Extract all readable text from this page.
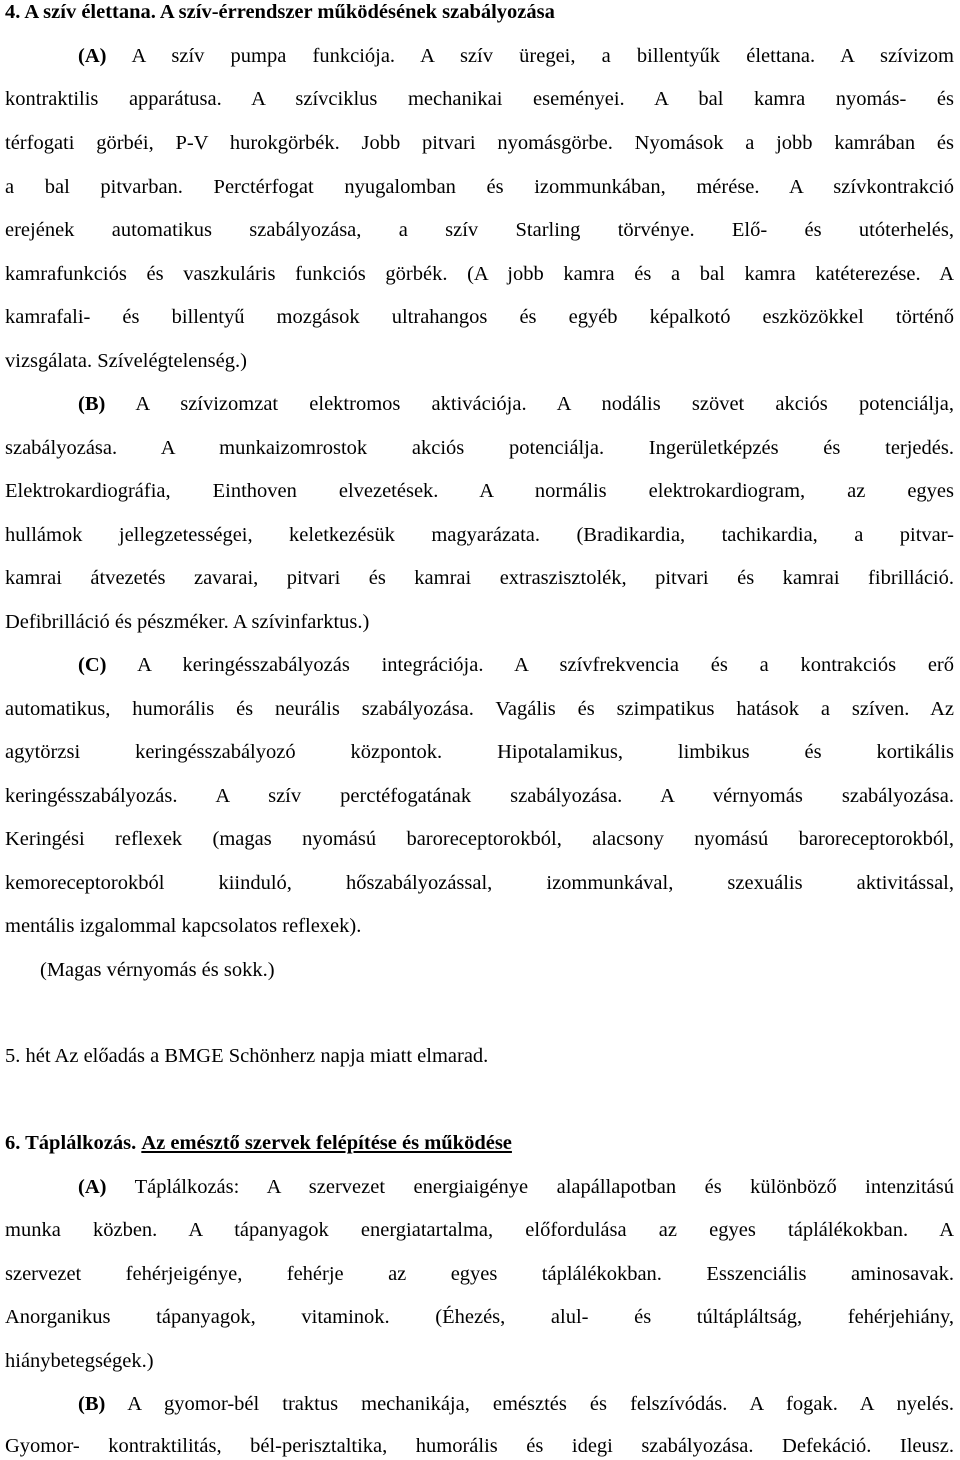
4. A szív élettana. A szív-érrendszer működésének szabályozása
(A) A szív pumpa funkciója. A szív üregei, a billentyűk élettana. A szívizom
kontraktilis apparátusa. A szívciklus mechanikai eseményei. A bal kamra nyomás- és
térfogati görbéi, P-V hurokgörbék. Jobb pitvari nyomásgörbe. Nyomások a jobb kamrában és
a bal pitvarban. Perctérfogat nyugalomban és izommunkában, mérése. A szívkontrakció
erejének automatikus szabályozása, a szív Starling törvénye. Elő- és utóterhelés,
kamrafunkciós és vaszkuláris funkciós görbék. (A jobb kamra és a bal kamra katéterezése. A
kamrafali- és billentyű mozgások ultrahangos és egyéb képalkotó eszközökkel történő
vizsgálata. Szívelégtelenség.)
(B) A szívizomzat elektromos aktivációja. A nodális szövet akciós potenciálja,
szabályozása. A munkaizomrostok akciós potenciálja. Ingerületképzés és terjedés.
Elektrokardiográfia, Einthoven elvezetések. A normális elektrokardiogram, az egyes
hullámok jellegzetességei, keletkezésük magyarázata. (Bradikardia, tachikardia, a pitvar-
kamrai átvezetés zavarai, pitvari és kamrai extraszisztolék, pitvari és kamrai fibrilláció.
Defibrilláció és pészméker. A szívinfarktus.)
(C) A keringésszabályozás integrációja. A szívfrekvencia és a kontrakciós erő
automatikus, humorális és neurális szabályozása. Vagális és szimpatikus hatások a szíven. Az
agytörzsi keringésszabályozó központok. Hipotalamikus, limbikus és kortikális
keringésszabályozás. A szív perctéfogatának szabályozása. A vérnyomás szabályozása.
Keringési reflexek (magas nyomású baroreceptorokból, alacsony nyomású baroreceptorokból,
kemoreceptorokból kiinduló, hőszabályozással, izommunkával, szexuális aktivitással,
mentális izgalommal kapcsolatos reflexek).
(Magas vérnyomás és sokk.)
5. hét Az előadás a BMGE Schönherz napja miatt elmarad.
6. Táplálkozás. Az emésztő szervek felépítése és működése
(A) Táplálkozás: A szervezet energiaigénye alapállapotban és különböző intenzitású
munka közben. A tápanyagok energiatartalma, előfordulása az egyes táplálékokban. A
szervezet fehérjeigénye, fehérje az egyes táplálékokban. Esszenciális aminosavak.
Anorganikus tápanyagok, vitaminok. (Éhezés, alul- és túltápláltság, fehérjehiány,
hiánybetegségek.)
(B) A gyomor-bél traktus mechanikája, emésztés és felszívódás. A fogak. A nyelés.
Gyomor- kontraktilitás, bél-perisztaltika, humorális és idegi szabályozása. Defekáció. Ileusz.
